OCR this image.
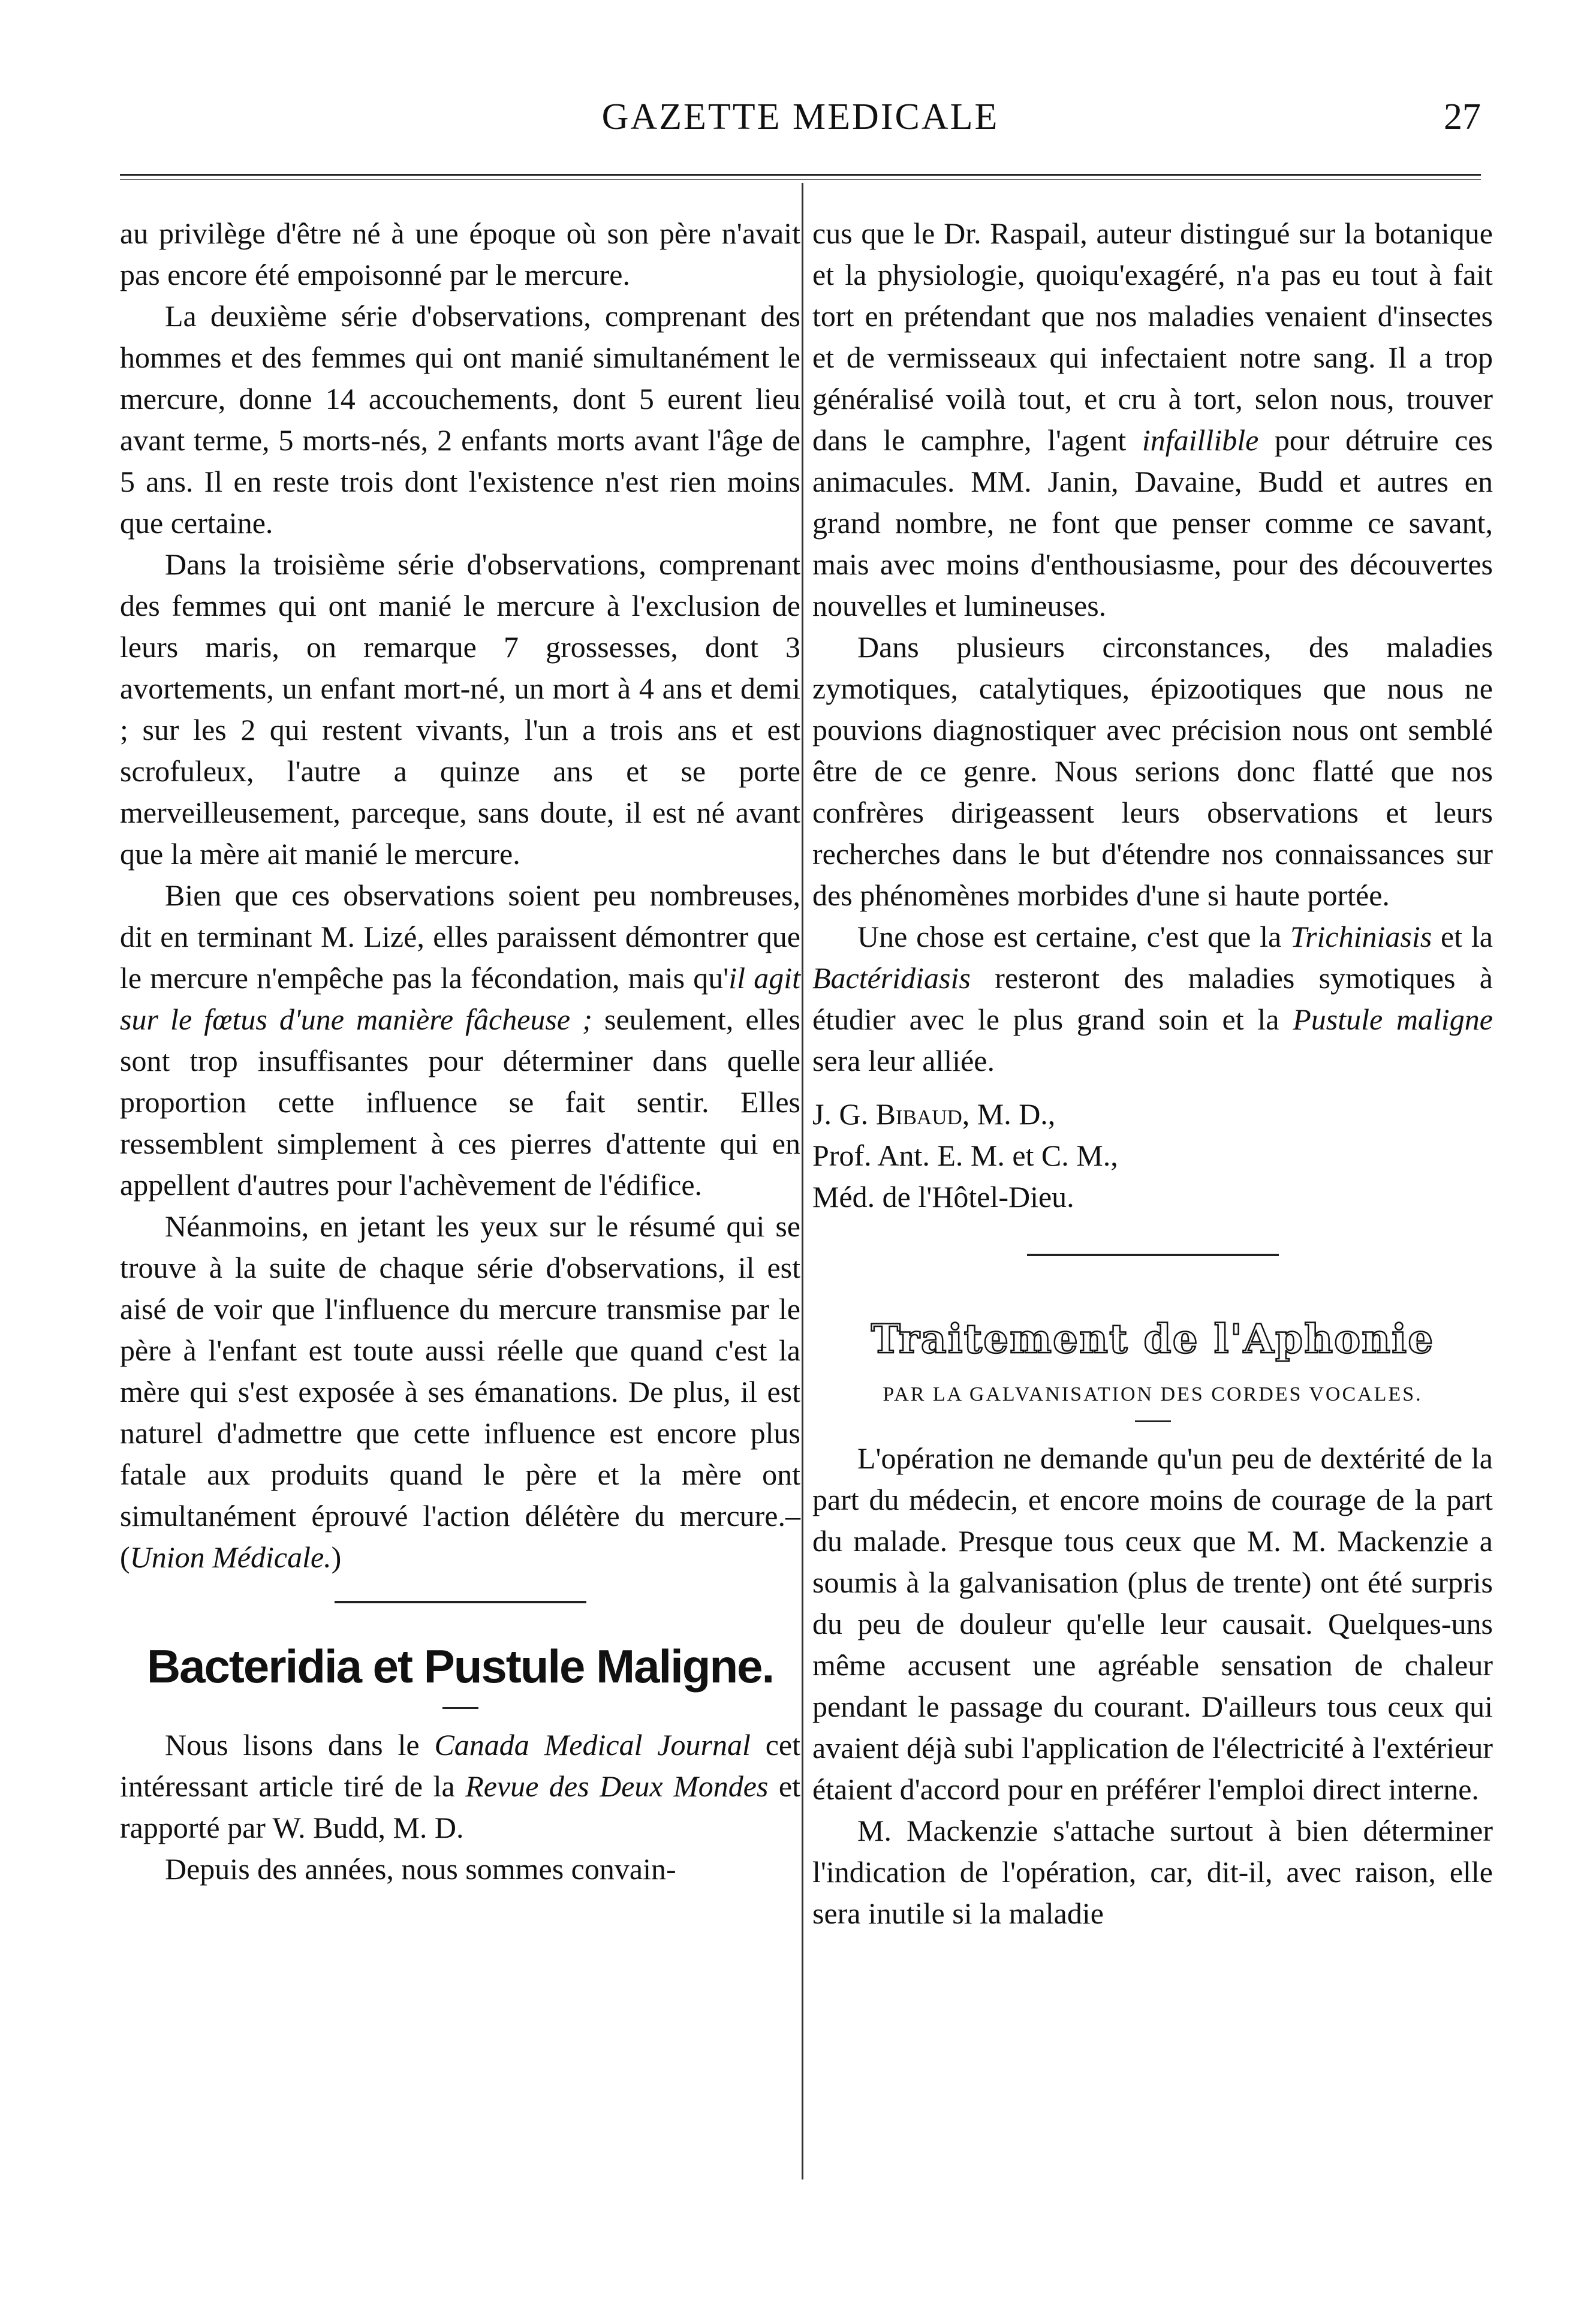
GAZETTE MEDICALE	27

au privilège d'être né à une époque où son père n'avait pas encore été empoisonné par le mercure.

La deuxième série d'observations, comprenant des hommes et des femmes qui ont manié simultanément le mercure, donne 14 accouchements, dont 5 eurent lieu avant terme, 5 morts-nés, 2 enfants morts avant l'âge de 5 ans. Il en reste trois dont l'existence n'est rien moins que certaine.

Dans la troisième série d'observations, comprenant des femmes qui ont manié le mercure à l'exclusion de leurs maris, on remarque 7 grossesses, dont 3 avortements, un enfant mort-né, un mort à 4 ans et demi ; sur les 2 qui restent vivants, l'un a trois ans et est scrofuleux, l'autre a quinze ans et se porte merveilleusement, parceque, sans doute, il est né avant que la mère ait manié le mercure.

Bien que ces observations soient peu nombreuses, dit en terminant M. Lizé, elles paraissent démontrer que le mercure n'empêche pas la fécondation, mais qu'il agit sur le fœtus d'une manière fâcheuse ; seulement, elles sont trop insuffisantes pour déterminer dans quelle proportion cette influence se fait sentir. Elles ressemblent simplement à ces pierres d'attente qui en appellent d'autres pour l'achèvement de l'édifice.

Néanmoins, en jetant les yeux sur le résumé qui se trouve à la suite de chaque série d'observations, il est aisé de voir que l'influence du mercure transmise par le père à l'enfant est toute aussi réelle que quand c'est la mère qui s'est exposée à ses émanations. De plus, il est naturel d'admettre que cette influence est encore plus fatale aux produits quand le père et la mère ont simultanément éprouvé l'action délétère du mercure.–(Union Médicale.)

Bacteridia et Pustule Maligne.

Nous lisons dans le Canada Medical Journal cet intéressant article tiré de la Revue des Deux Mondes et rapporté par W. Budd, M. D.

Depuis des années, nous sommes convain-

cus que le Dr. Raspail, auteur distingué sur la botanique et la physiologie, quoiqu'exagéré, n'a pas eu tout à fait tort en prétendant que nos maladies venaient d'insectes et de vermisseaux qui infectaient notre sang. Il a trop généralisé voilà tout, et cru à tort, selon nous, trouver dans le camphre, l'agent infaillible pour détruire ces animacules. MM. Janin, Davaine, Budd et autres en grand nombre, ne font que penser comme ce savant, mais avec moins d'enthousiasme, pour des découvertes nouvelles et lumineuses.

Dans plusieurs circonstances, des maladies zymotiques, catalytiques, épizootiques que nous ne pouvions diagnostiquer avec précision nous ont semblé être de ce genre. Nous serions donc flatté que nos confrères dirigeassent leurs observations et leurs recherches dans le but d'étendre nos connaissances sur des phénomènes morbides d'une si haute portée.

Une chose est certaine, c'est que la Trichiniasis et la Bactéridiasis resteront des maladies symotiques à étudier avec le plus grand soin et la Pustule maligne sera leur alliée.

J. G. Bibaud, M. D.,

Prof. Ant. E. M. et C. M.,

Méd. de l'Hôtel-Dieu.

Traitement de l'Aphonie
PAR LA GALVANISATION DES CORDES VOCALES.

L'opération ne demande qu'un peu de dextérité de la part du médecin, et encore moins de courage de la part du malade. Presque tous ceux que M. M. Mackenzie a soumis à la galvanisation (plus de trente) ont été surpris du peu de douleur qu'elle leur causait. Quelques-uns même accusent une agréable sensation de chaleur pendant le passage du courant. D'ailleurs tous ceux qui avaient déjà subi l'application de l'électricité à l'extérieur étaient d'accord pour en préférer l'emploi direct interne.

M. Mackenzie s'attache surtout à bien déterminer l'indication de l'opération, car, dit-il, avec raison, elle sera inutile si la maladie
